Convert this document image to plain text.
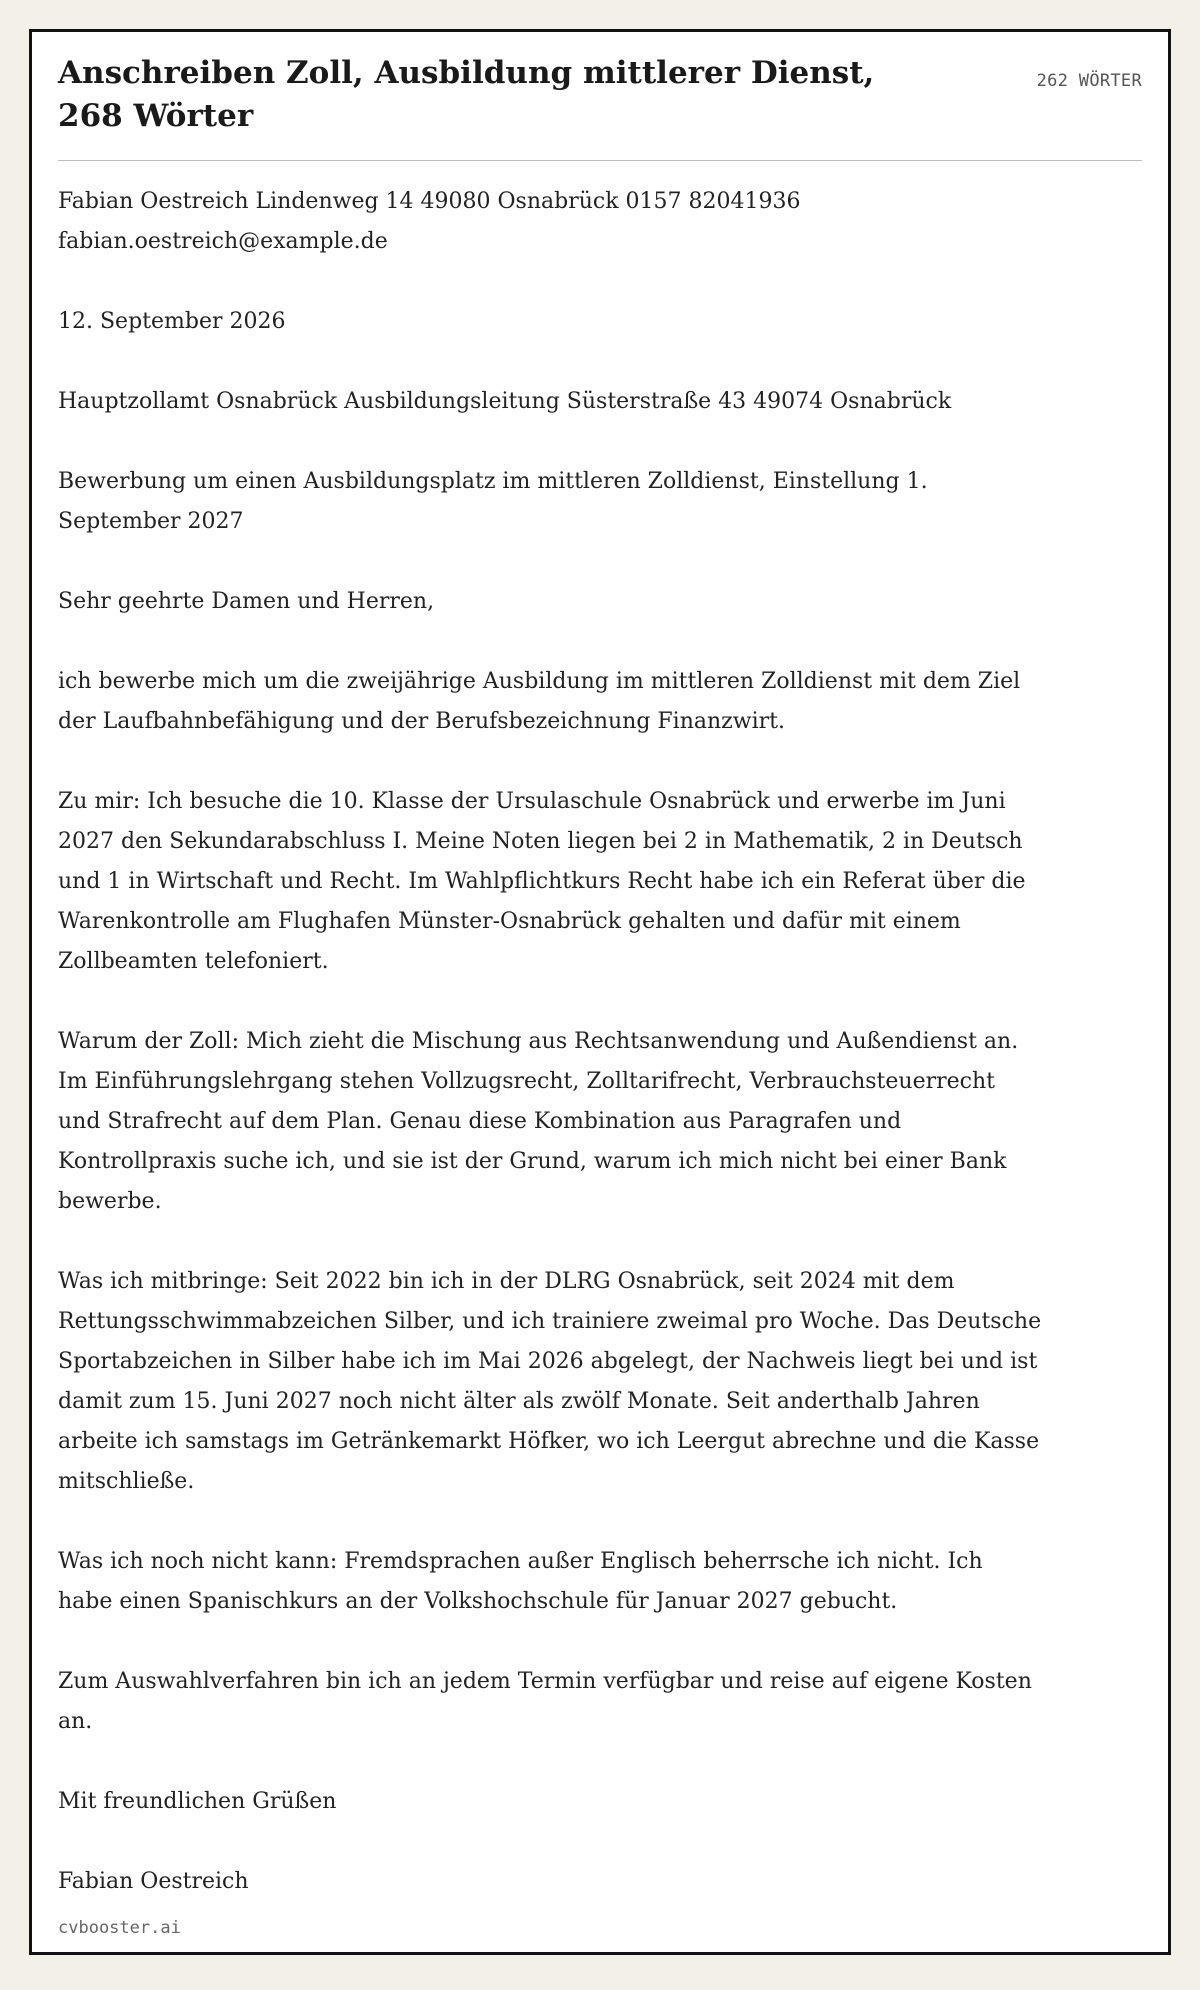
Anschreiben Zoll, Ausbildung mittlerer Dienst, 268 Wörter
262 WÖRTER

Fabian Oestreich Lindenweg 14 49080 Osnabrück 0157 82041936 fabian.oestreich@example.de

12. September 2026

Hauptzollamt Osnabrück Ausbildungsleitung Süsterstraße 43 49074 Osnabrück

Bewerbung um einen Ausbildungsplatz im mittleren Zolldienst, Einstellung 1. September 2027

Sehr geehrte Damen und Herren,

ich bewerbe mich um die zweijährige Ausbildung im mittleren Zolldienst mit dem Ziel der Laufbahnbefähigung und der Berufsbezeichnung Finanzwirt.

Zu mir: Ich besuche die 10. Klasse der Ursulaschule Osnabrück und erwerbe im Juni 2027 den Sekundarabschluss I. Meine Noten liegen bei 2 in Mathematik, 2 in Deutsch und 1 in Wirtschaft und Recht. Im Wahlpflichtkurs Recht habe ich ein Referat über die Warenkontrolle am Flughafen Münster-Osnabrück gehalten und dafür mit einem Zollbeamten telefoniert.

Warum der Zoll: Mich zieht die Mischung aus Rechtsanwendung und Außendienst an. Im Einführungslehrgang stehen Vollzugsrecht, Zolltarifrecht, Verbrauchsteuerrecht und Strafrecht auf dem Plan. Genau diese Kombination aus Paragrafen und Kontrollpraxis suche ich, und sie ist der Grund, warum ich mich nicht bei einer Bank bewerbe.

Was ich mitbringe: Seit 2022 bin ich in der DLRG Osnabrück, seit 2024 mit dem Rettungsschwimmabzeichen Silber, und ich trainiere zweimal pro Woche. Das Deutsche Sportabzeichen in Silber habe ich im Mai 2026 abgelegt, der Nachweis liegt bei und ist damit zum 15. Juni 2027 noch nicht älter als zwölf Monate. Seit anderthalb Jahren arbeite ich samstags im Getränkemarkt Höfker, wo ich Leergut abrechne und die Kasse mitschließe.

Was ich noch nicht kann: Fremdsprachen außer Englisch beherrsche ich nicht. Ich habe einen Spanischkurs an der Volkshochschule für Januar 2027 gebucht.

Zum Auswahlverfahren bin ich an jedem Termin verfügbar und reise auf eigene Kosten an.

Mit freundlichen Grüßen

Fabian Oestreich

cvbooster.ai
